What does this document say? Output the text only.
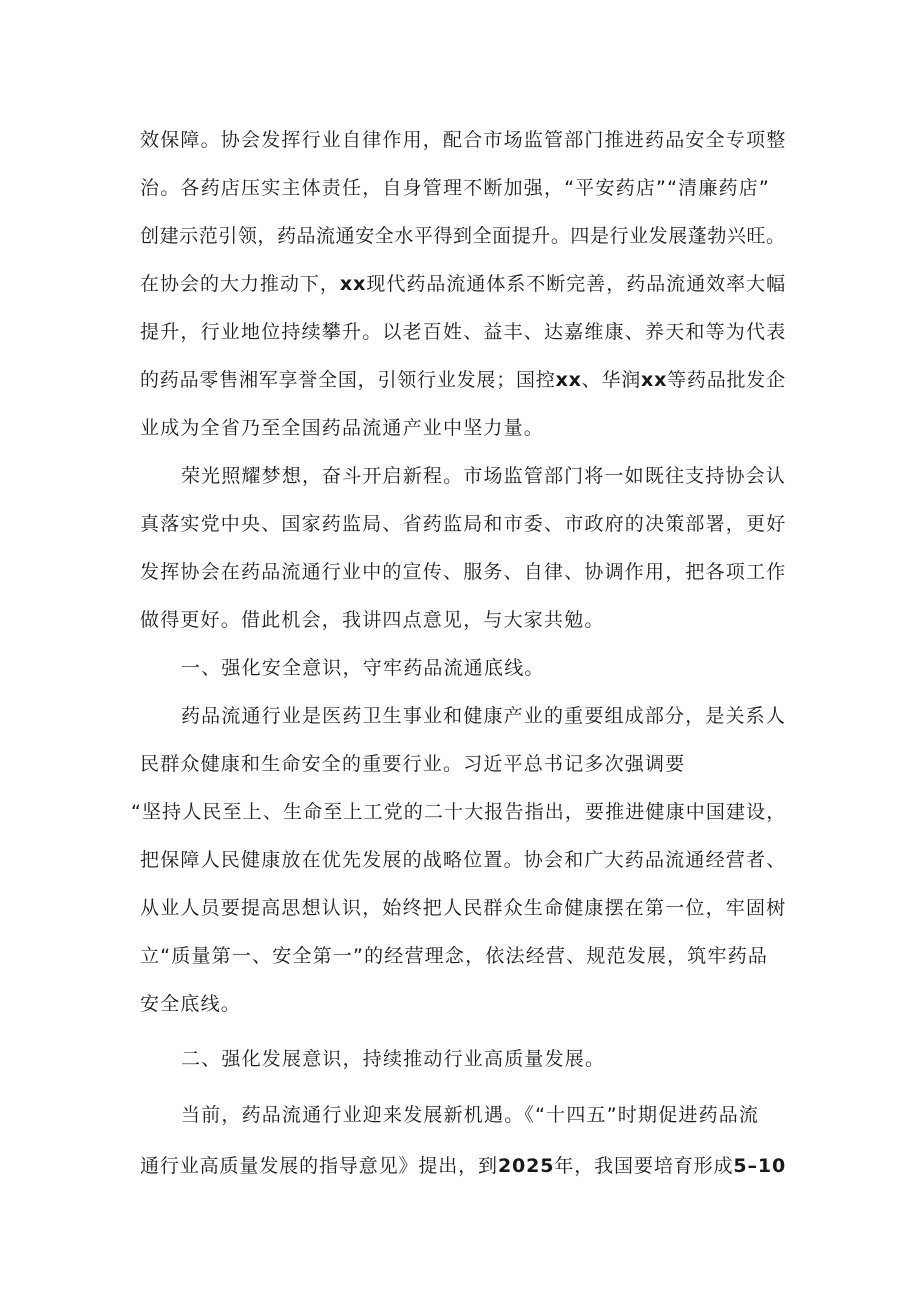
效保障。协会发挥行业自律作用，配合市场监管部门推进药品安全专项整
治。各药店压实主体责任，自身管理不断加强，“平安药店”“清廉药店”
创建示范引领，药品流通安全水平得到全面提升。四是行业发展蓬勃兴旺。
在协会的大力推动下，xx现代药品流通体系不断完善，药品流通效率大幅
提升，行业地位持续攀升。以老百姓、益丰、达嘉维康、养天和等为代表
的药品零售湘军享誉全国，引领行业发展；国控xx、华润xx等药品批发企
业成为全省乃至全国药品流通产业中坚力量。
荣光照耀梦想，奋斗开启新程。市场监管部门将一如既往支持协会认
真落实党中央、国家药监局、省药监局和市委、市政府的决策部署，更好
发挥协会在药品流通行业中的宣传、服务、自律、协调作用，把各项工作
做得更好。借此机会，我讲四点意见，与大家共勉。
一、强化安全意识，守牢药品流通底线。
药品流通行业是医药卫生事业和健康产业的重要组成部分，是关系人
民群众健康和生命安全的重要行业。习近平总书记多次强调要
“坚持人民至上、生命至上工党的二十大报告指出，要推进健康中国建设，
把保障人民健康放在优先发展的战略位置。协会和广大药品流通经营者、
从业人员要提高思想认识，始终把人民群众生命健康摆在第一位，牢固树
立“质量第一、安全第一”的经营理念，依法经营、规范发展，筑牢药品
安全底线。
二、强化发展意识，持续推动行业高质量发展。
当前，药品流通行业迎来发展新机遇。《“十四五”时期促进药品流
通行业高质量发展的指导意见》提出，到2025年，我国要培育形成5–10
